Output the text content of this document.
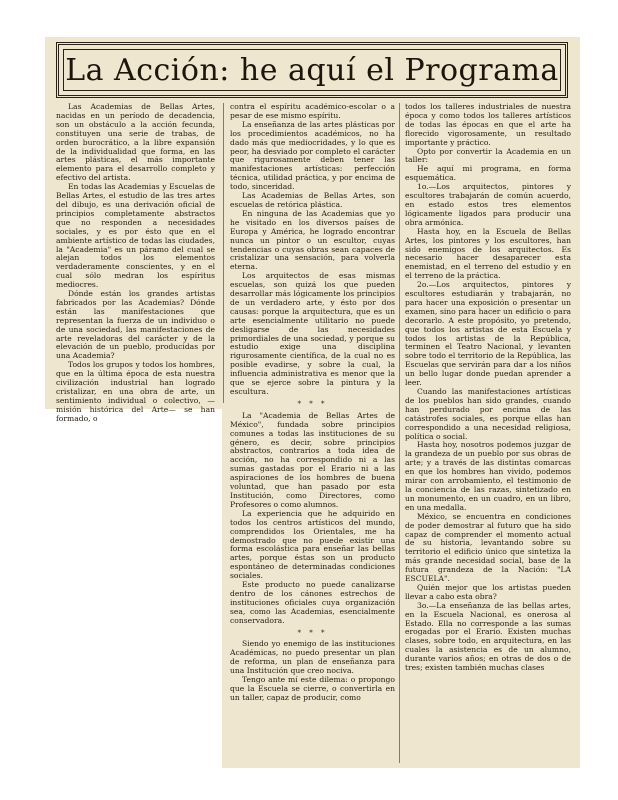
La Acción: he aquí el Programa

Las Academias de Bellas Artes, nacidas en un período de decadencia, son un obstáculo a la acción fecunda, constituyen una serie de trabas, de orden burocrático, a la libre expansión de la individualidad que forma, en las artes plásticas, el más importante elemento para el desarrollo completo y efectivo del artista.

En todas las Academias y Escuelas de Bellas Artes, el estudio de las tres artes del dibujo, es una derivación oficial de principios completamente abstractos que no responden a necesidades sociales, y es por ésto que en el ambiente artístico de todas las ciudades, la "Academia" es un páramo del cual se alejan todos los elementos verdaderamente conscientes, y en el cual sólo medran los espíritus mediocres.

Dónde están los grandes artistas fabricados por las Academias? Dónde están las manifestaciones que representan la fuerza de un individuo o de una sociedad, las manifestaciones de arte reveladoras del carácter y de la elevación de un pueblo, producidas por una Academia?

Todos los grupos y todos los hombres, que en la última época de esta nuestra civilización industrial han logrado cristalizar, en una obra de arte, un sentimiento individual o colectivo, —misión histórica del Arte— se han formado, o

contra el espíritu académico-escolar o a pesar de ese mismo espíritu.

La enseñanza de las artes plásticas por los procedimientos académicos, no ha dado más que mediocridades, y lo que es peor, ha desviado por completo el carácter que rigurosamente deben tener las manifestaciones artísticas: perfección técnica, utilidad práctica, y por encima de todo, sinceridad.

Las Academias de Bellas Artes, son escuelas de retórica plástica.

En ninguna de las Academias que yo he visitado en los diversos países de Europa y América, he logrado encontrar nunca un pintor o un escultor, cuyas tendencias o cuyas obras sean capaces de cristalizar una sensación, para volverla eterna.

Los arquitectos de esas mismas escuelas, son quizá los que pueden desarrollar más lógicamente los principios de un verdadero arte, y ésto por dos causas: porque la arquitectura, que es un arte esencialmente utilitario no puede desligarse de las necesidades primordiales de una sociedad, y porque su estudio exige una disciplina rigurosamente científica, de la cual no es posible evadirse, y sobre la cual, la influencia administrativa es menor que la que se ejerce sobre la pintura y la escultura.

* * *

La "Academia de Bellas Artes de México", fundada sobre principios comunes a todas las instituciones de su género, es decir, sobre principios abstractos, contrarios a toda idea de acción, no ha correspondido ni a las sumas gastadas por el Erario ni a las aspiraciones de los hombres de buena voluntad, que han pasado por esta Institución, como Directores, como Profesores o como alumnos.

La experiencia que he adquirido en todos los centros artísticos del mundo, comprendidos los Orientales, me ha demostrado que no puede existir una forma escolástica para enseñar las bellas artes, porque éstas son un producto espontáneo de determinadas condiciones sociales.

Este producto no puede canalizarse dentro de los cánones estrechos de instituciones oficiales cuya organización sea, como las Academias, esencialmente conservadora.

* * *

Siendo yo enemigo de las instituciones Académicas, no puedo presentar un plan de reforma, un plan de enseñanza para una Institución que creo nociva.

Tengo ante mí este dilema: o propongo que la Escuela se cierre, o convertirla en un taller, capaz de producir, como

todos los talleres industriales de nuestra época y como todos los talleres artísticos de todas las épocas en que el arte ha florecido vigorosamente, un resultado importante y práctico.

Opto por convertir la Academia en un taller:

He aquí mi programa, en forma esquemática.

1o.—Los arquitectos, pintores y escultores trabajarán de común acuerdo, en estado estos tres elementos lógicamente ligados para producir una obra armónica.

Hasta hoy, en la Escuela de Bellas Artes, los pintores y los escultores, han sido enemigos de los arquitectos. Es necesario hacer desaparecer esta enemistad, en el terreno del estudio y en el terreno de la práctica.

2o.—Los arquitectos, pintores y escultores estudiarán y trabajarán, no para hacer una exposición o presentar un examen, sino para hacer un edificio o para decorarlo. A este propósito, yo pretendo, que todos los artistas de esta Escuela y todos los artistas de la República, terminen el Teatro Nacional, y levanten sobre todo el territorio de la República, las Escuelas que servirán para dar a los niños un bello lugar donde puedan aprender a leer.

Cuando las manifestaciones artísticas de los pueblos han sido grandes, cuando han perdurado por encima de las catástrofes sociales, es porque ellas han correspondido a una necesidad religiosa, política o social.

Hasta hoy, nosotros podemos juzgar de la grandeza de un pueblo por sus obras de arte; y a través de las distintas comarcas en que los hombres han vivido, podemos mirar con arrobamiento, el testimonio de la conciencia de las razas, sintetizado en un monumento, en un cuadro, en un libro, en una medalla.

México, se encuentra en condiciones de poder demostrar al futuro que ha sido capaz de comprender el momento actual de su historia, levantando sobre su territorio el edificio único que sintetiza la más grande necesidad social, base de la futura grandeza de la Nación: "LA ESCUELA".

Quién mejor que los artistas pueden llevar a cabo esta obra?

3o.—La enseñanza de las bellas artes, en la Escuela Nacional, es onerosa al Estado. Ella no corresponde a las sumas erogadas por el Erario. Existen muchas clases, sobre todo, en arquitectura, en las cuales la asistencia es de un alumno, durante varios años; en otras de dos o de tres; existen también muchas clases
